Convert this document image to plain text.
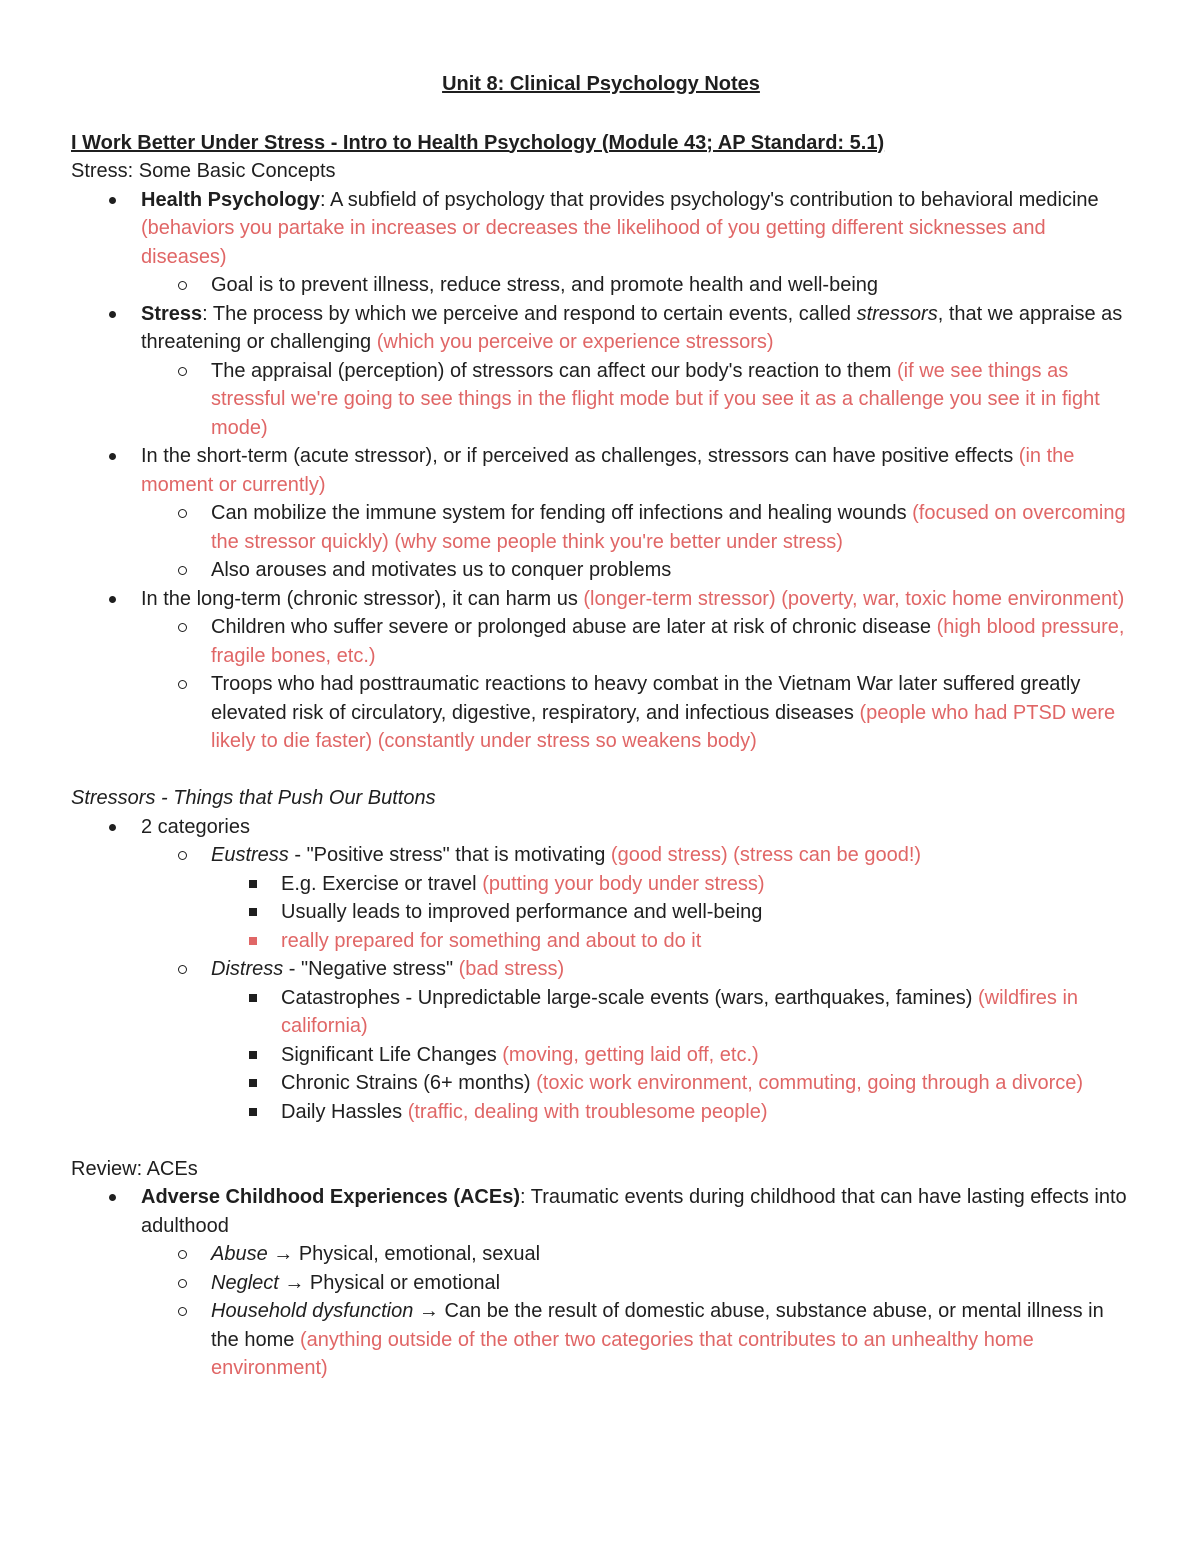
Unit 8: Clinical Psychology Notes
I Work Better Under Stress - Intro to Health Psychology (Module 43; AP Standard: 5.1)
Stress: Some Basic Concepts
Health Psychology: A subfield of psychology that provides psychology's contribution to behavioral medicine (behaviors you partake in increases or decreases the likelihood of you getting different sicknesses and diseases)
Goal is to prevent illness, reduce stress, and promote health and well-being
Stress: The process by which we perceive and respond to certain events, called stressors, that we appraise as threatening or challenging (which you perceive or experience stressors)
The appraisal (perception) of stressors can affect our body's reaction to them (if we see things as stressful we're going to see things in the flight mode but if you see it as a challenge you see it in fight mode)
In the short-term (acute stressor), or if perceived as challenges, stressors can have positive effects (in the moment or currently)
Can mobilize the immune system for fending off infections and healing wounds (focused on overcoming the stressor quickly) (why some people think you're better under stress)
Also arouses and motivates us to conquer problems
In the long-term (chronic stressor), it can harm us (longer-term stressor) (poverty, war, toxic home environment)
Children who suffer severe or prolonged abuse are later at risk of chronic disease (high blood pressure, fragile bones, etc.)
Troops who had posttraumatic reactions to heavy combat in the Vietnam War later suffered greatly elevated risk of circulatory, digestive, respiratory, and infectious diseases (people who had PTSD were likely to die faster) (constantly under stress so weakens body)
Stressors - Things that Push Our Buttons
2 categories
Eustress - "Positive stress" that is motivating (good stress) (stress can be good!)
E.g. Exercise or travel (putting your body under stress)
Usually leads to improved performance and well-being
really prepared for something and about to do it
Distress - "Negative stress" (bad stress)
Catastrophes - Unpredictable large-scale events (wars, earthquakes, famines) (wildfires in california)
Significant Life Changes (moving, getting laid off, etc.)
Chronic Strains (6+ months) (toxic work environment, commuting, going through a divorce)
Daily Hassles (traffic, dealing with troublesome people)
Review: ACEs
Adverse Childhood Experiences (ACEs): Traumatic events during childhood that can have lasting effects into adulthood
Abuse → Physical, emotional, sexual
Neglect → Physical or emotional
Household dysfunction → Can be the result of domestic abuse, substance abuse, or mental illness in the home (anything outside of the other two categories that contributes to an unhealthy home environment)
